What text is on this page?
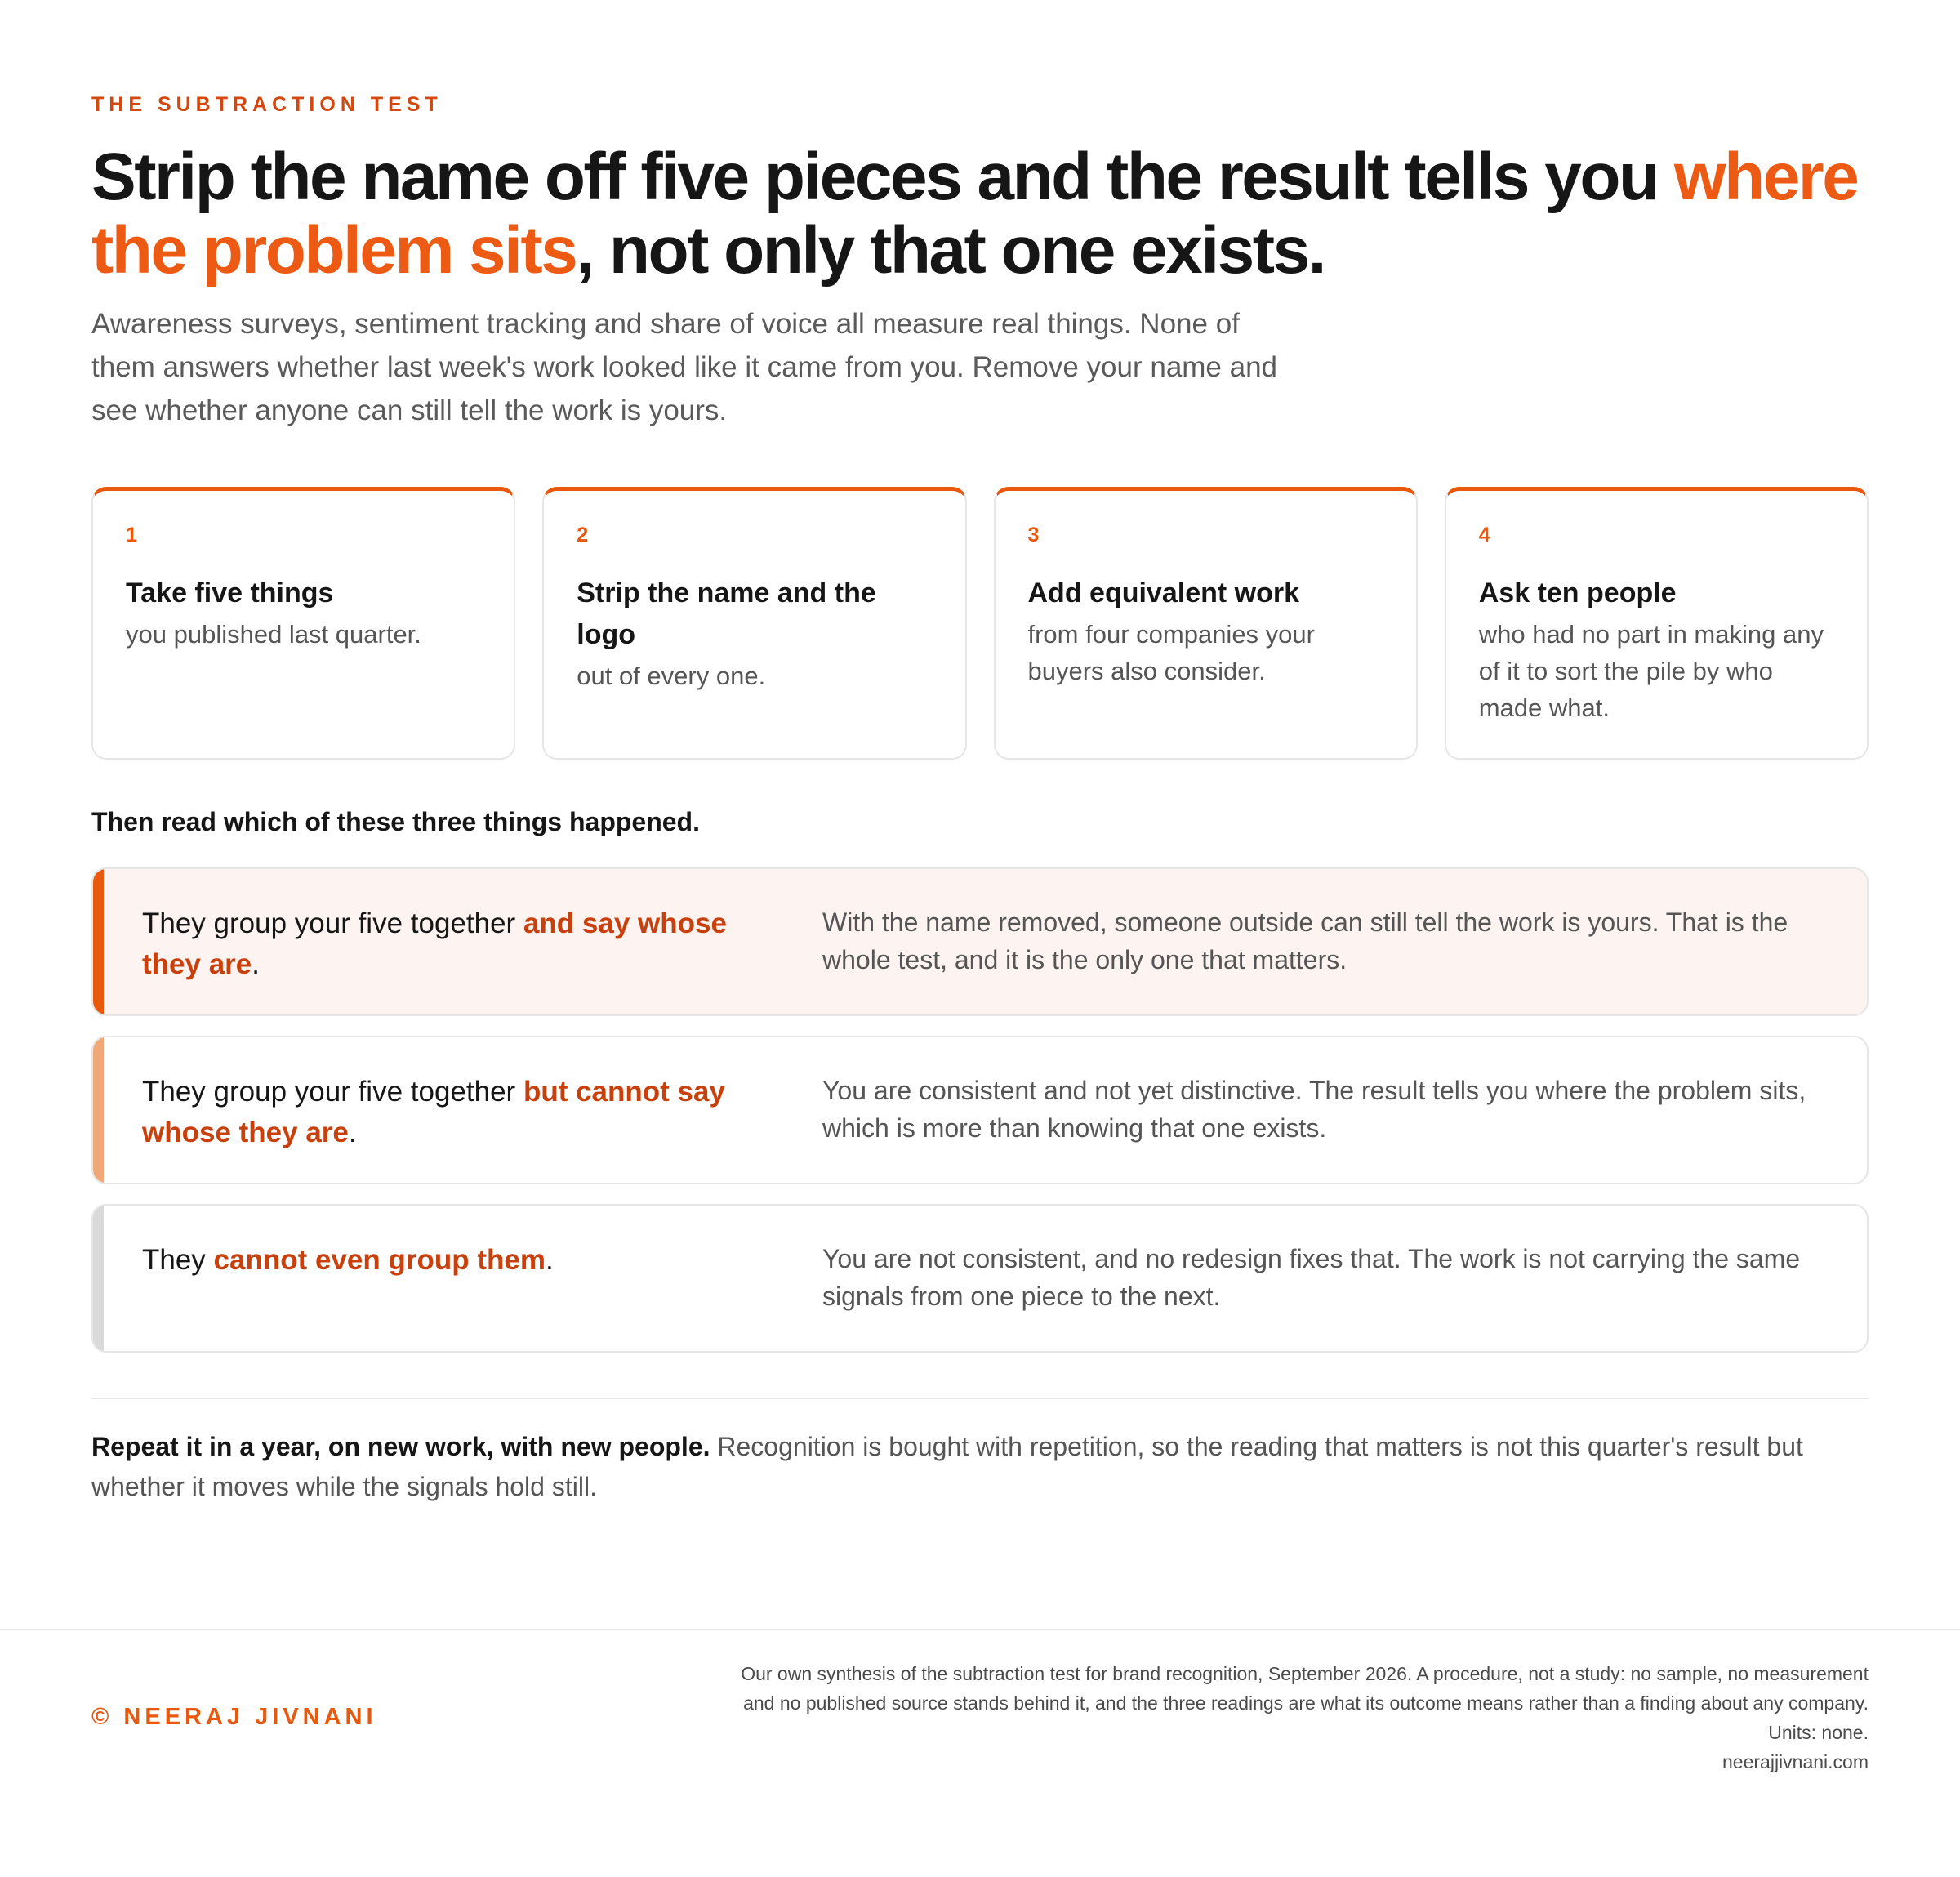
THE SUBTRACTION TEST
Strip the name off five pieces and the result tells you where the problem sits, not only that one exists.

Awareness surveys, sentiment tracking and share of voice all measure real things. None of them answers whether last week's work looked like it came from you. Remove your name and see whether anyone can still tell the work is yours.

1
Take five things
you published last quarter.
2
Strip the name and the logo
out of every one.
3
Add equivalent work
from four companies your buyers also consider.
4
Ask ten people
who had no part in making any of it to sort the pile by who made what.
Then read which of these three things happened.
They group your five together and say whose they are.
With the name removed, someone outside can still tell the work is yours. That is the whole test, and it is the only one that matters.
They group your five together but cannot say whose they are.
You are consistent and not yet distinctive. The result tells you where the problem sits, which is more than knowing that one exists.
They cannot even group them.	You are not consistent, and no redesign fixes that. The work is not carrying the same signals from one piece to the next.

Repeat it in a year, on new work, with new people. Recognition is bought with repetition, so the reading that matters is not this quarter's result but whether it moves while the signals hold still.

© NEERAJ JIVNANI
Our own synthesis of the subtraction test for brand recognition, September 2026. A procedure, not a study: no sample, no measurement and no published source stands behind it, and the three readings are what its outcome means rather than a finding about any company. Units: none.
neerajjivnani.com
